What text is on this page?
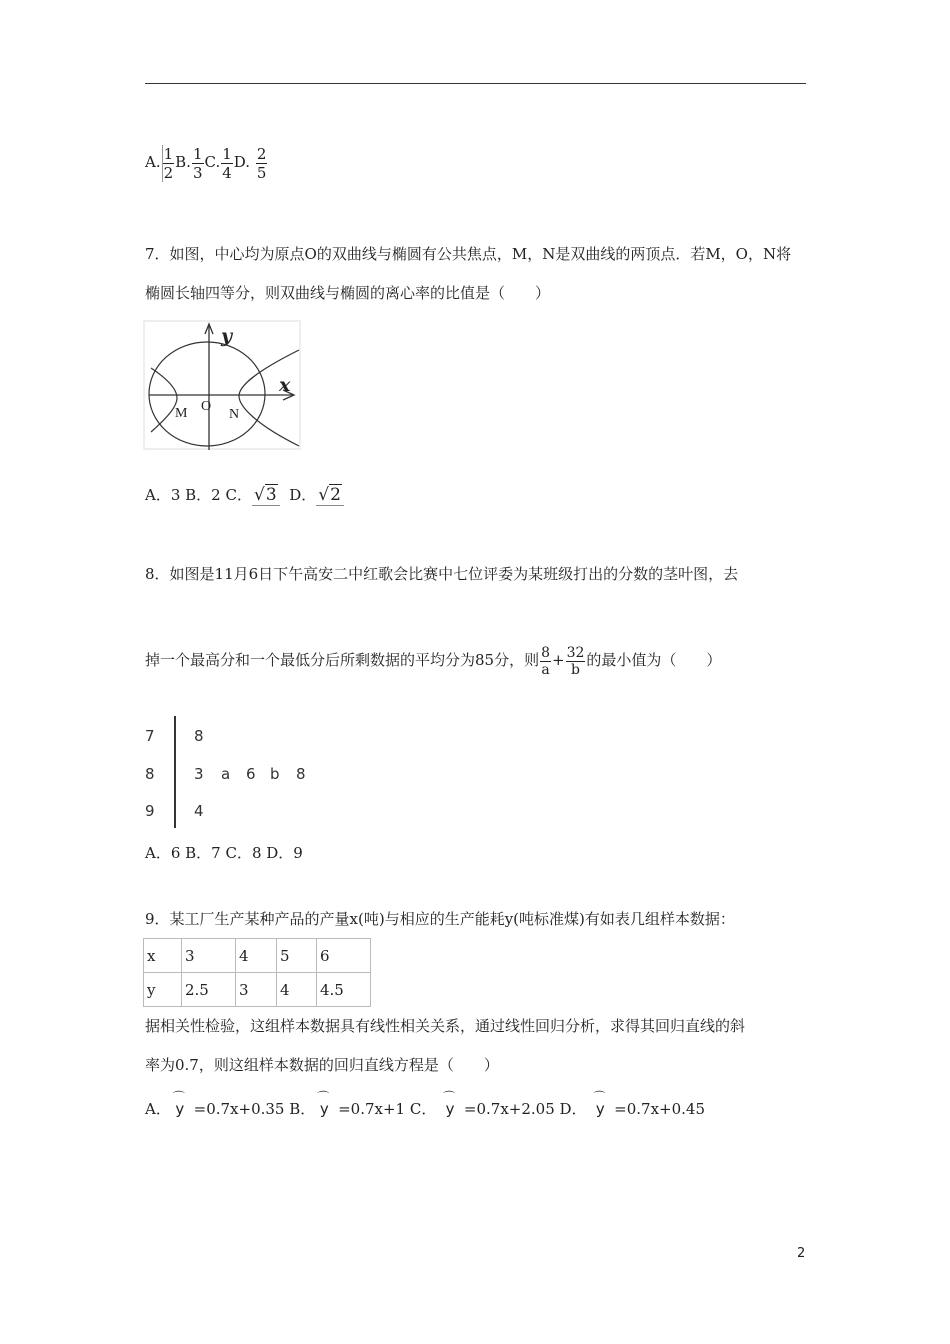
A. $\frac{1}{2} B$. $\frac{1}{3} C$. $\frac{1}{4} D$. $\frac{2}{5}$
7．如图，中心均为原点O的双曲线与椭圆有公共焦点，M，N是双曲线的两顶点．若M，O，N将
椭圆长轴四等分，则双曲线与椭圆的离心率的比值是（　　）
y
x
M O
N
A．3 B．2 C． √3 D． √2
8．如图是11月6日下午高安二中红歌会比赛中七位评委为某班级打出的分数的茎叶图，去
掉一个最高分和一个最低分后所剩数据的平均分为85分，则 $\frac{8}{a} + \frac{32}{b}$ 的最小值为（　　）
7	8
8	3 a 6 b 8
9	4
A．6 B．7 C．8 D．9
9．某工厂生产某种产品的产量x(吨)与相应的生产能耗y(吨标准煤)有如表几组样本数据：
x	3	4	5	6
y	2.5	3	4	4.5
据相关性检验，这组样本数据具有线性相关关系，通过线性回归分析，求得其回归直线的斜
率为0.7，则这组样本数据的回归直线方程是（　　）
A． ⌒ y =0.7x+0.35 B． ⌒ y =0.7x+1 C． ⌒ y =0.7x+2.05 D． ⌒ y =0.7x+0.45
2
